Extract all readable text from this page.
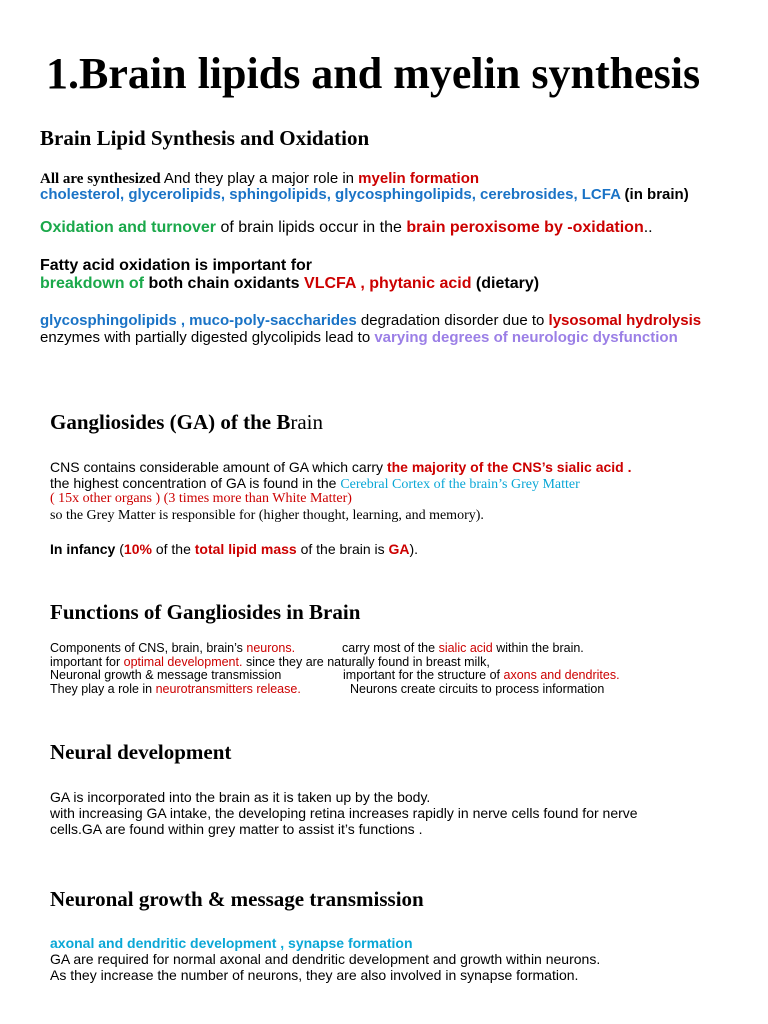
1.Brain lipids and myelin synthesis
Brain Lipid Synthesis and Oxidation
All are synthesized And they play a major role in myelin formation
cholesterol, glycerolipids, sphingolipids, glycosphingolipids, cerebrosides, LCFA (in brain)
Oxidation and turnover of brain lipids occur in the brain peroxisome by -oxidation..
Fatty acid oxidation is important for
breakdown of both chain oxidants VLCFA , phytanic acid (dietary)
glycosphingolipids , muco-poly-saccharides degradation disorder due to lysosomal hydrolysis
enzymes with partially digested glycolipids lead to varying degrees of neurologic dysfunction
Gangliosides (GA) of the Brain
CNS contains considerable amount of GA which carry the majority of the CNS’s sialic acid .
the highest concentration of GA is found in the Cerebral Cortex of the brain’s Grey Matter
( 15x other organs ) (3 times more than White Matter)
so the Grey Matter is responsible for (higher thought, learning, and memory).
In infancy (10% of the total lipid mass of the brain is GA).
Functions of Gangliosides in Brain
Components of CNS, brain, brain’s neurons.	carry most of the sialic acid within the brain.
important for optimal development. since they are naturally found in breast milk,
Neuronal growth & message transmission	important for the structure of axons and dendrites.
They play a role in neurotransmitters release.	Neurons create circuits to process information
Neural development
GA is incorporated into the brain as it is taken up by the body.
with increasing GA intake, the developing retina increases rapidly in nerve cells found for nerve
cells.GA are found within grey matter to assist it’s functions .
Neuronal growth & message transmission
axonal and dendritic development , synapse formation
GA are required for normal axonal and dendritic development and growth within neurons.
As they increase the number of neurons, they are also involved in synapse formation.
